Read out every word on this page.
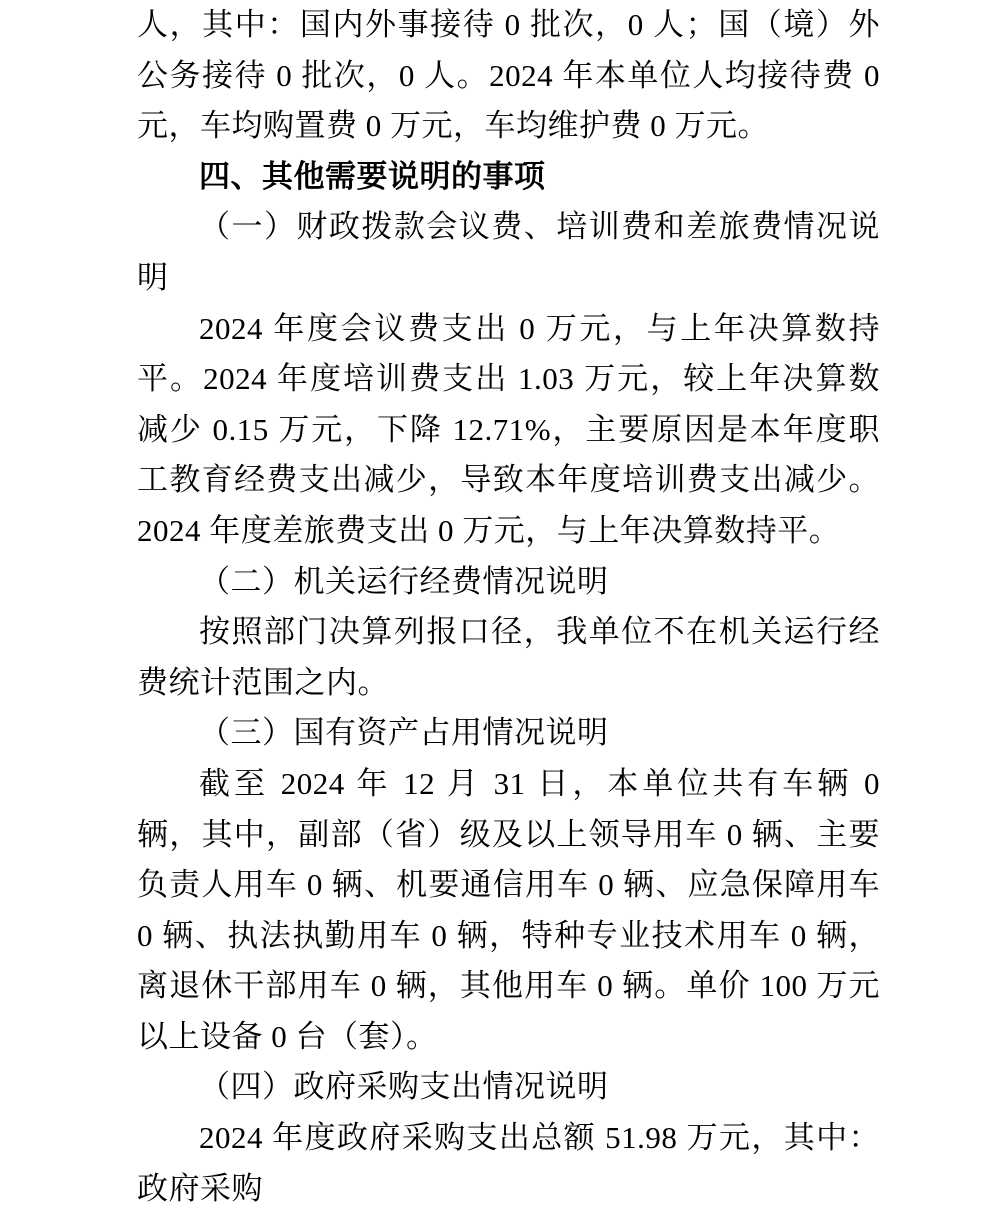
人，其中：国内外事接待 0 批次，0 人；国（境）外公务接待 0 批次，0 人。2024 年本单位人均接待费 0 元，车均购置费 0 万元，车均维护费 0 万元。

四、其他需要说明的事项

（一）财政拨款会议费、培训费和差旅费情况说明

2024 年度会议费支出 0 万元，与上年决算数持平。2024 年度培训费支出 1.03 万元，较上年决算数减少 0.15 万元，下降 12.71%，主要原因是本年度职工教育经费支出减少，导致本年度培训费支出减少。2024 年度差旅费支出 0 万元，与上年决算数持平。

（二）机关运行经费情况说明

按照部门决算列报口径，我单位不在机关运行经费统计范围之内。

（三）国有资产占用情况说明

截至 2024 年 12 月 31 日，本单位共有车辆 0 辆，其中，副部（省）级及以上领导用车 0 辆、主要负责人用车 0 辆、机要通信用车 0 辆、应急保障用车 0 辆、执法执勤用车 0 辆，特种专业技术用车 0 辆，离退休干部用车 0 辆，其他用车 0 辆。单价 100 万元以上设备 0 台（套）。

（四）政府采购支出情况说明

2024 年度政府采购支出总额 51.98 万元，其中：政府采购
